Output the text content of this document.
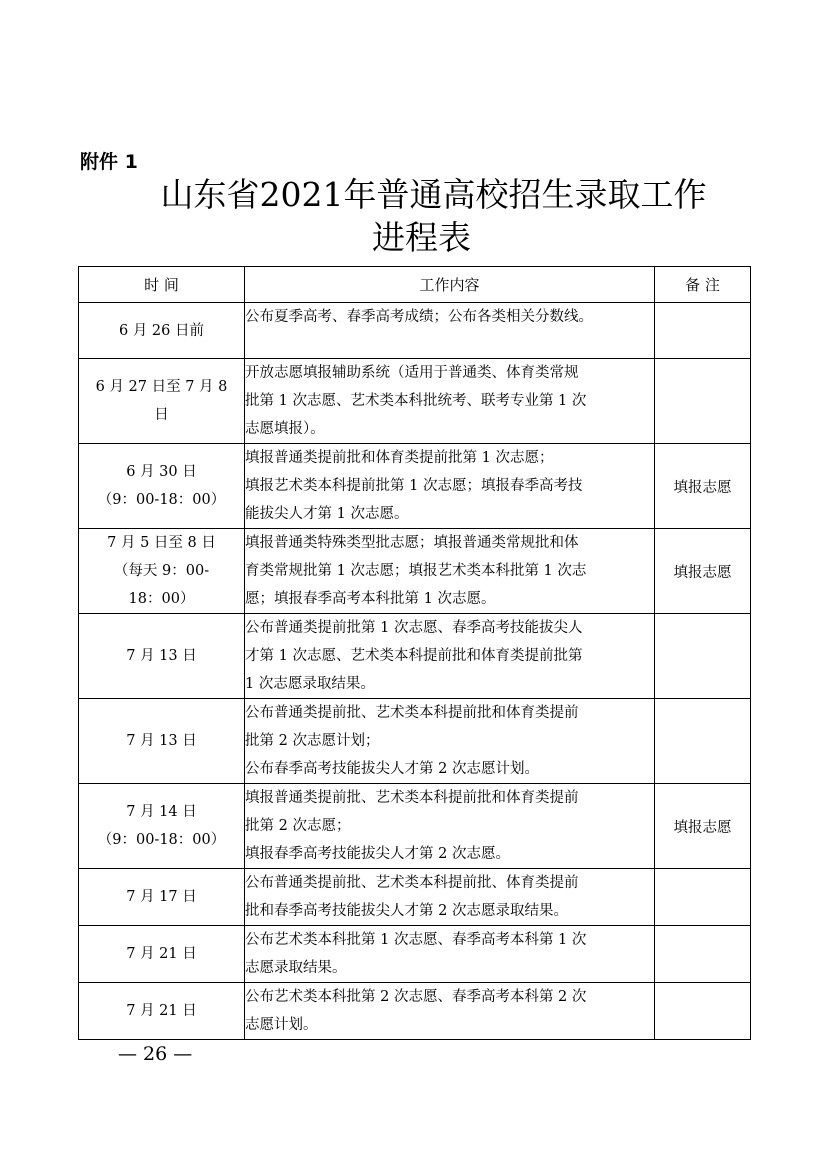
附件 1
山东省2021年普通高校招生录取工作
进程表
时 间	工作内容	备 注

6 月 26 日前	公布夏季高考、春季高考成绩；公布各类相关分数线。	

6 月 27 日至 7 月 8
日	开放志愿填报辅助系统（适用于普通类、体育类常规
批第 1 次志愿、艺术类本科批统考、联考专业第 1 次
志愿填报）。	

6 月 30 日
（9：00-18：00）	填报普通类提前批和体育类提前批第 1 次志愿；
填报艺术类本科提前批第 1 次志愿；填报春季高考技
能拔尖人才第 1 次志愿。	填报志愿

7 月 5 日至 8 日
（每天 9：00-
18：00）	填报普通类特殊类型批志愿；填报普通类常规批和体
育类常规批第 1 次志愿；填报艺术类本科批第 1 次志
愿；填报春季高考本科批第 1 次志愿。	填报志愿

7 月 13 日	公布普通类提前批第 1 次志愿、春季高考技能拔尖人
才第 1 次志愿、艺术类本科提前批和体育类提前批第
1 次志愿录取结果。	

7 月 13 日	公布普通类提前批、艺术类本科提前批和体育类提前
批第 2 次志愿计划；
公布春季高考技能拔尖人才第 2 次志愿计划。	

7 月 14 日
（9：00-18：00）	填报普通类提前批、艺术类本科提前批和体育类提前
批第 2 次志愿；
填报春季高考技能拔尖人才第 2 次志愿。	填报志愿

7 月 17 日	公布普通类提前批、艺术类本科提前批、体育类提前
批和春季高考技能拔尖人才第 2 次志愿录取结果。	

7 月 21 日	公布艺术类本科批第 1 次志愿、春季高考本科第 1 次
志愿录取结果。	

7 月 21 日	公布艺术类本科批第 2 次志愿、春季高考本科第 2 次
志愿计划。	

— 26 —
